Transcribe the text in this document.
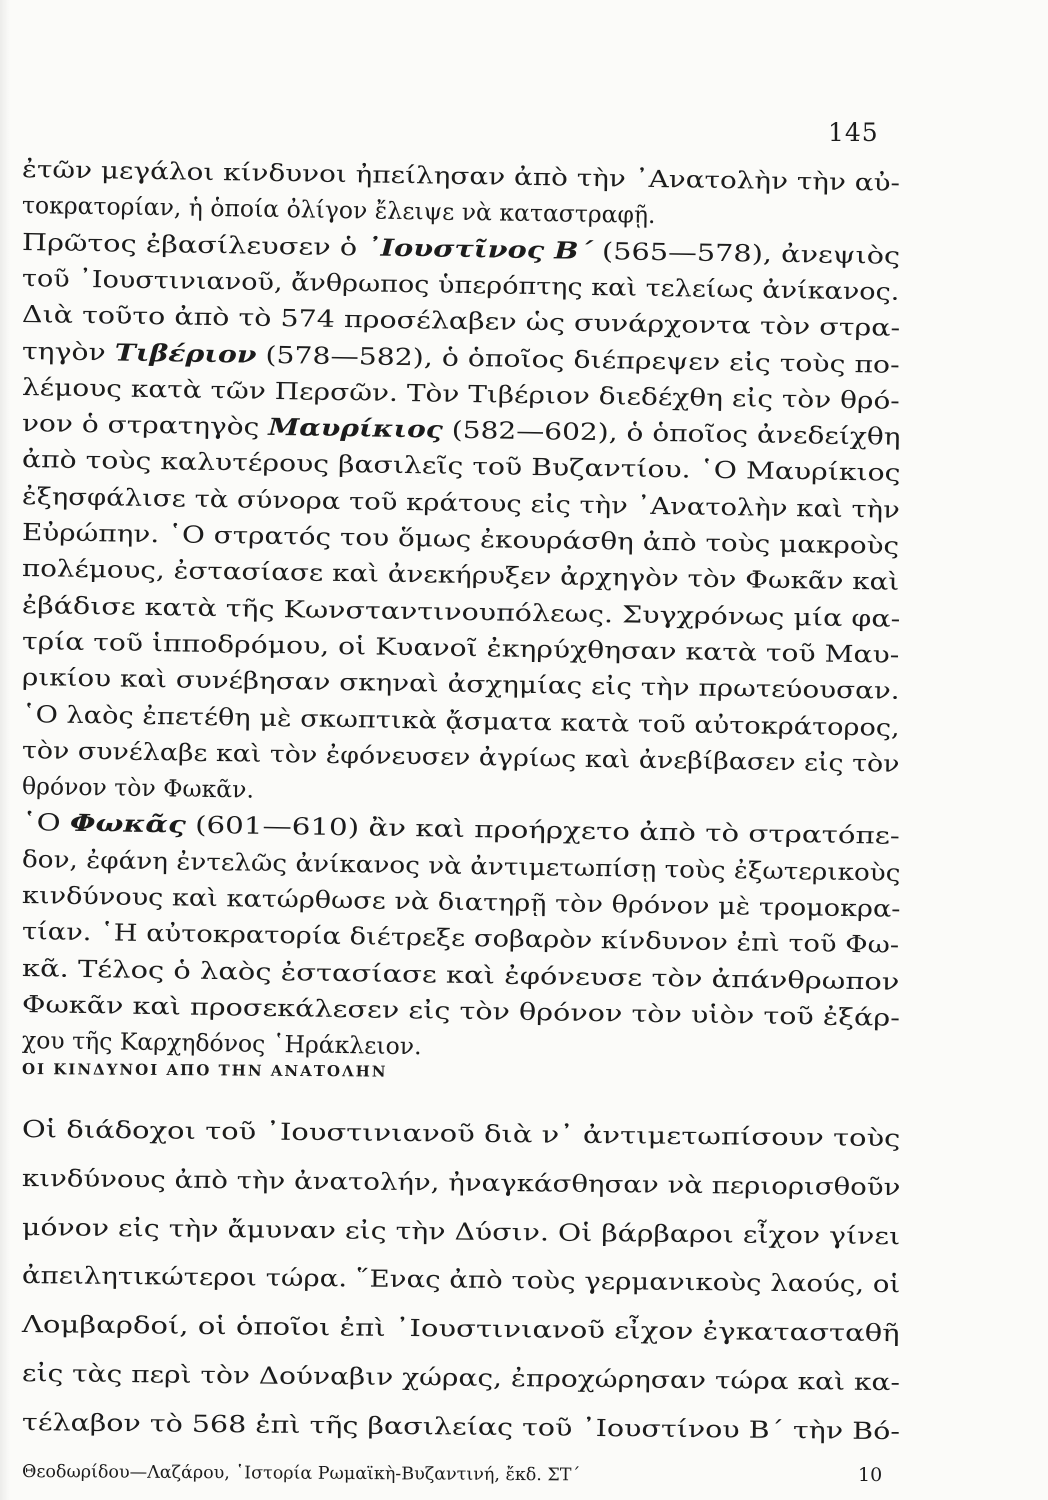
145
ἐτῶν μεγάλοι κίνδυνοι ἠπείλησαν ἀπὸ τὴν ᾿Ανατολὴν τὴν αὐ-
τοκρατορίαν, ἡ ὁποία ὀλίγον ἔλειψε νὰ καταστραφῇ.
Πρῶτος ἐβασίλευσεν ὁ ᾿Ιουστῖνος Β΄ (565—578), ἀνεψιὸς
τοῦ ᾿Ιουστινιανοῦ, ἄνθρωπος ὑπερόπτης καὶ τελείως ἀνίκανος.
Διὰ τοῦτο ἀπὸ τὸ 574 προσέλαβεν ὡς συνάρχοντα τὸν στρα-
τηγὸν Τιβέριον (578—582), ὁ ὁποῖος διέπρεψεν εἰς τοὺς πο-
λέμους κατὰ τῶν Περσῶν. Τὸν Τιβέριον διεδέχθη εἰς τὸν θρό-
νον ὁ στρατηγὸς Μαυρίκιος (582—602), ὁ ὁποῖος ἀνεδείχθη
ἀπὸ τοὺς καλυτέρους βασιλεῖς τοῦ Βυζαντίου. ῾Ο Μαυρίκιος
ἐξησφάλισε τὰ σύνορα τοῦ κράτους εἰς τὴν ᾿Ανατολὴν καὶ τὴν
Εὐρώπην. ῾Ο στρατός του ὅμως ἐκουράσθη ἀπὸ τοὺς μακροὺς
πολέμους, ἐστασίασε καὶ ἀνεκήρυξεν ἀρχηγὸν τὸν Φωκᾶν καὶ
ἐβάδισε κατὰ τῆς Κωνσταντινουπόλεως. Συγχρόνως μία φα-
τρία τοῦ ἱπποδρόμου, οἱ Κυανοῖ ἐκηρύχθησαν κατὰ τοῦ Μαυ-
ρικίου καὶ συνέβησαν σκηναὶ ἀσχημίας εἰς τὴν πρωτεύουσαν.
῾Ο λαὸς ἐπετέθη μὲ σκωπτικὰ ᾄσματα κατὰ τοῦ αὐτοκράτορος,
τὸν συνέλαβε καὶ τὸν ἐφόνευσεν ἀγρίως καὶ ἀνεβίβασεν εἰς τὸν
θρόνον τὸν Φωκᾶν.
῾Ο Φωκᾶς (601—610) ἂν καὶ προήρχετο ἀπὸ τὸ στρατόπε-
δον, ἐφάνη ἐντελῶς ἀνίκανος νὰ ἀντιμετωπίσῃ τοὺς ἐξωτερικοὺς
κινδύνους καὶ κατώρθωσε νὰ διατηρῇ τὸν θρόνον μὲ τρομοκρα-
τίαν. ῾Η αὐτοκρατορία διέτρεξε σοβαρὸν κίνδυνον ἐπὶ τοῦ Φω-
κᾶ. Τέλος ὁ λαὸς ἐστασίασε καὶ ἐφόνευσε τὸν ἀπάνθρωπον
Φωκᾶν καὶ προσεκάλεσεν εἰς τὸν θρόνον τὸν υἱὸν τοῦ ἐξάρ-
χου τῆς Καρχηδόνος ῾Ηράκλειον.
ΟΙ ΚΙΝΔΥΝΟΙ ΑΠΟ ΤΗΝ ΑΝΑΤΟΛΗΝ
Οἱ διάδοχοι τοῦ ᾿Ιουστινιανοῦ διὰ ν᾿ ἀντιμετωπίσουν τοὺς
κινδύνους ἀπὸ τὴν ἀνατολήν, ἠναγκάσθησαν νὰ περιορισθοῦν
μόνον εἰς τὴν ἄμυναν εἰς τὴν Δύσιν. Οἱ βάρβαροι εἶχον γίνει
ἀπειλητικώτεροι τώρα. ῞Ενας ἀπὸ τοὺς γερμανικοὺς λαούς, οἱ
Λομβαρδοί, οἱ ὁποῖοι ἐπὶ ᾿Ιουστινιανοῦ εἶχον ἐγκατασταθῆ
εἰς τὰς περὶ τὸν Δούναβιν χώρας, ἐπροχώρησαν τώρα καὶ κα-
τέλαβον τὸ 568 ἐπὶ τῆς βασιλείας τοῦ ᾿Ιουστίνου Β΄ τὴν Βό-
Θεοδωρίδου—Λαζάρου, ῾Ιστορία Ρωμαϊκὴ-Βυζαντινή, ἔκδ. ΣΤ΄	10
